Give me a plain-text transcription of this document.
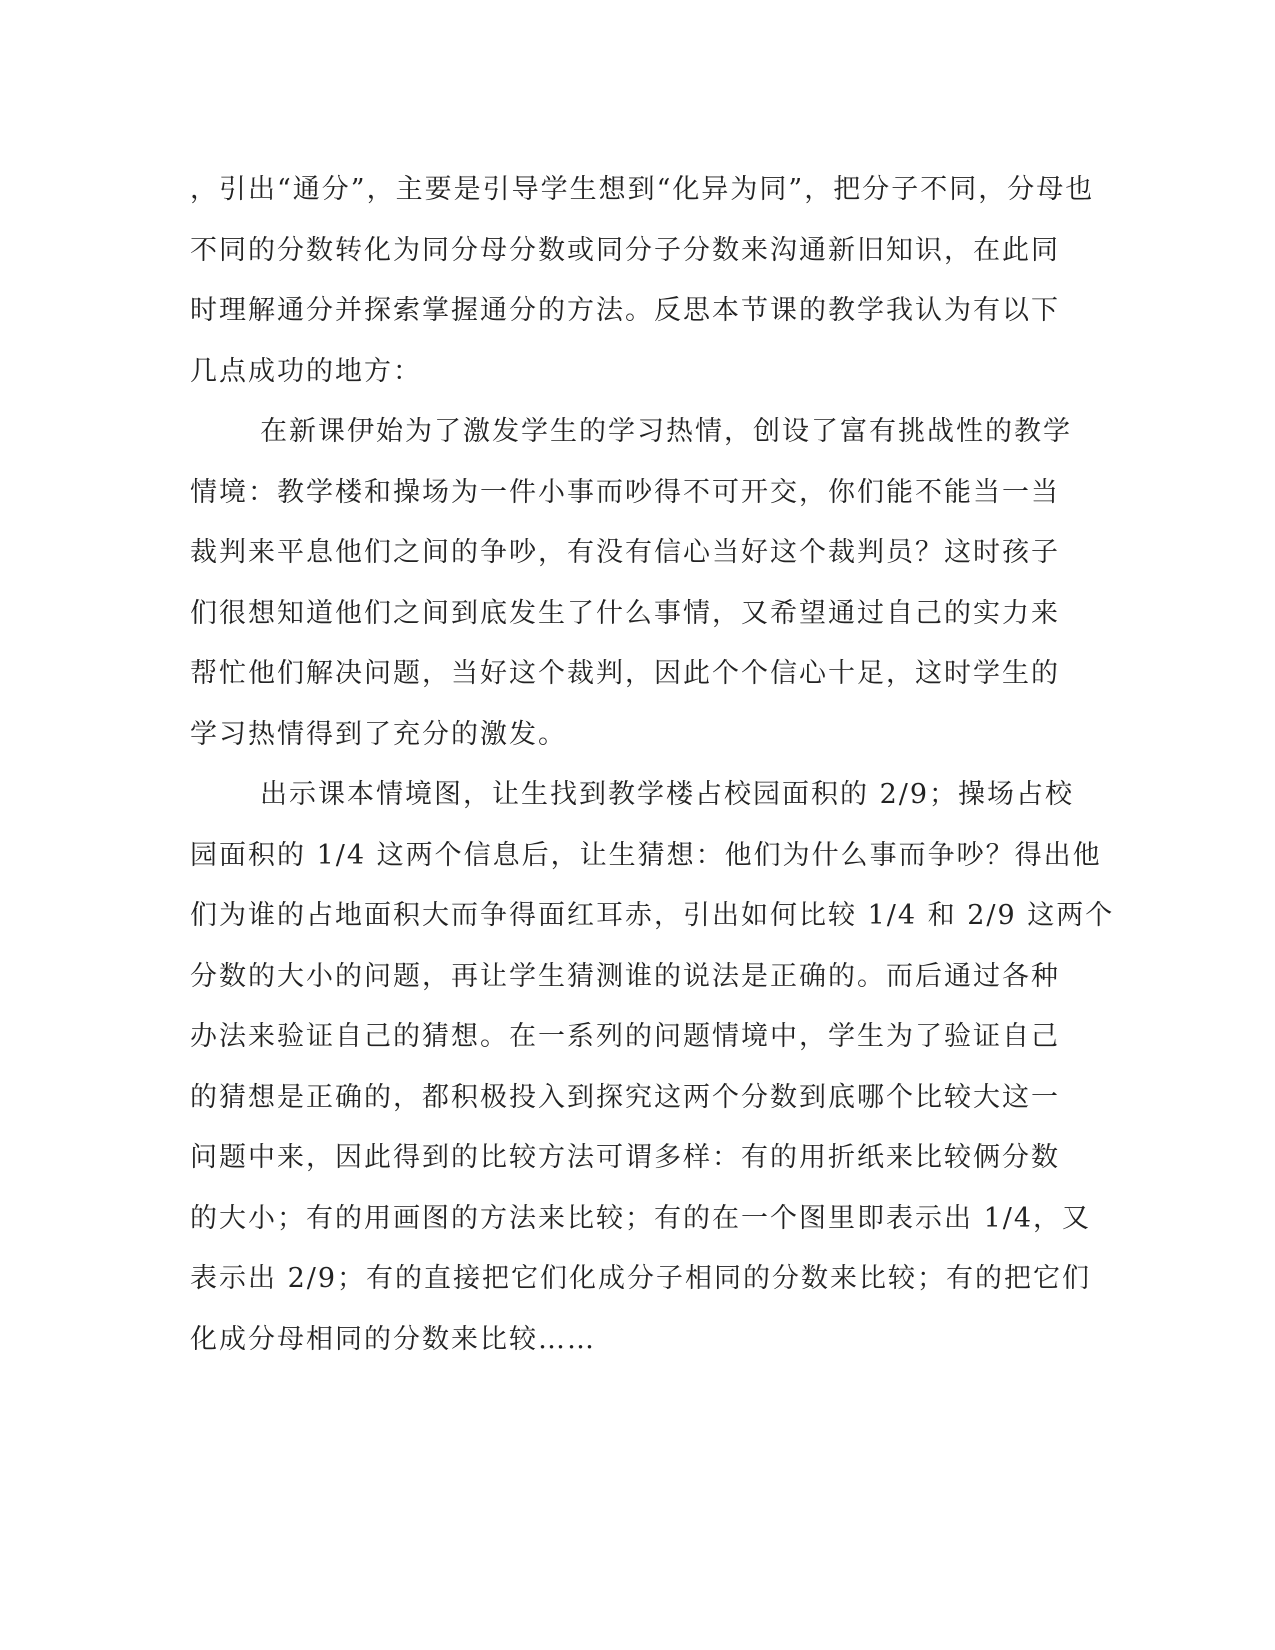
，引出“通分”，主要是引导学生想到“化异为同”，把分子不同，分母也
不同的分数转化为同分母分数或同分子分数来沟通新旧知识，在此同
时理解通分并探索掌握通分的方法。反思本节课的教学我认为有以下
几点成功的地方：

在新课伊始为了激发学生的学习热情，创设了富有挑战性的教学
情境：教学楼和操场为一件小事而吵得不可开交，你们能不能当一当
裁判来平息他们之间的争吵，有没有信心当好这个裁判员？这时孩子
们很想知道他们之间到底发生了什么事情，又希望通过自己的实力来
帮忙他们解决问题，当好这个裁判，因此个个信心十足，这时学生的
学习热情得到了充分的激发。

出示课本情境图，让生找到教学楼占校园面积的 2/9；操场占校
园面积的 1/4 这两个信息后，让生猜想：他们为什么事而争吵？得出他
们为谁的占地面积大而争得面红耳赤，引出如何比较 1/4 和 2/9 这两个
分数的大小的问题，再让学生猜测谁的说法是正确的。而后通过各种
办法来验证自己的猜想。在一系列的问题情境中，学生为了验证自己
的猜想是正确的，都积极投入到探究这两个分数到底哪个比较大这一
问题中来，因此得到的比较方法可谓多样：有的用折纸来比较俩分数
的大小；有的用画图的方法来比较；有的在一个图里即表示出 1/4，又
表示出 2/9；有的直接把它们化成分子相同的分数来比较；有的把它们
化成分母相同的分数来比较……
